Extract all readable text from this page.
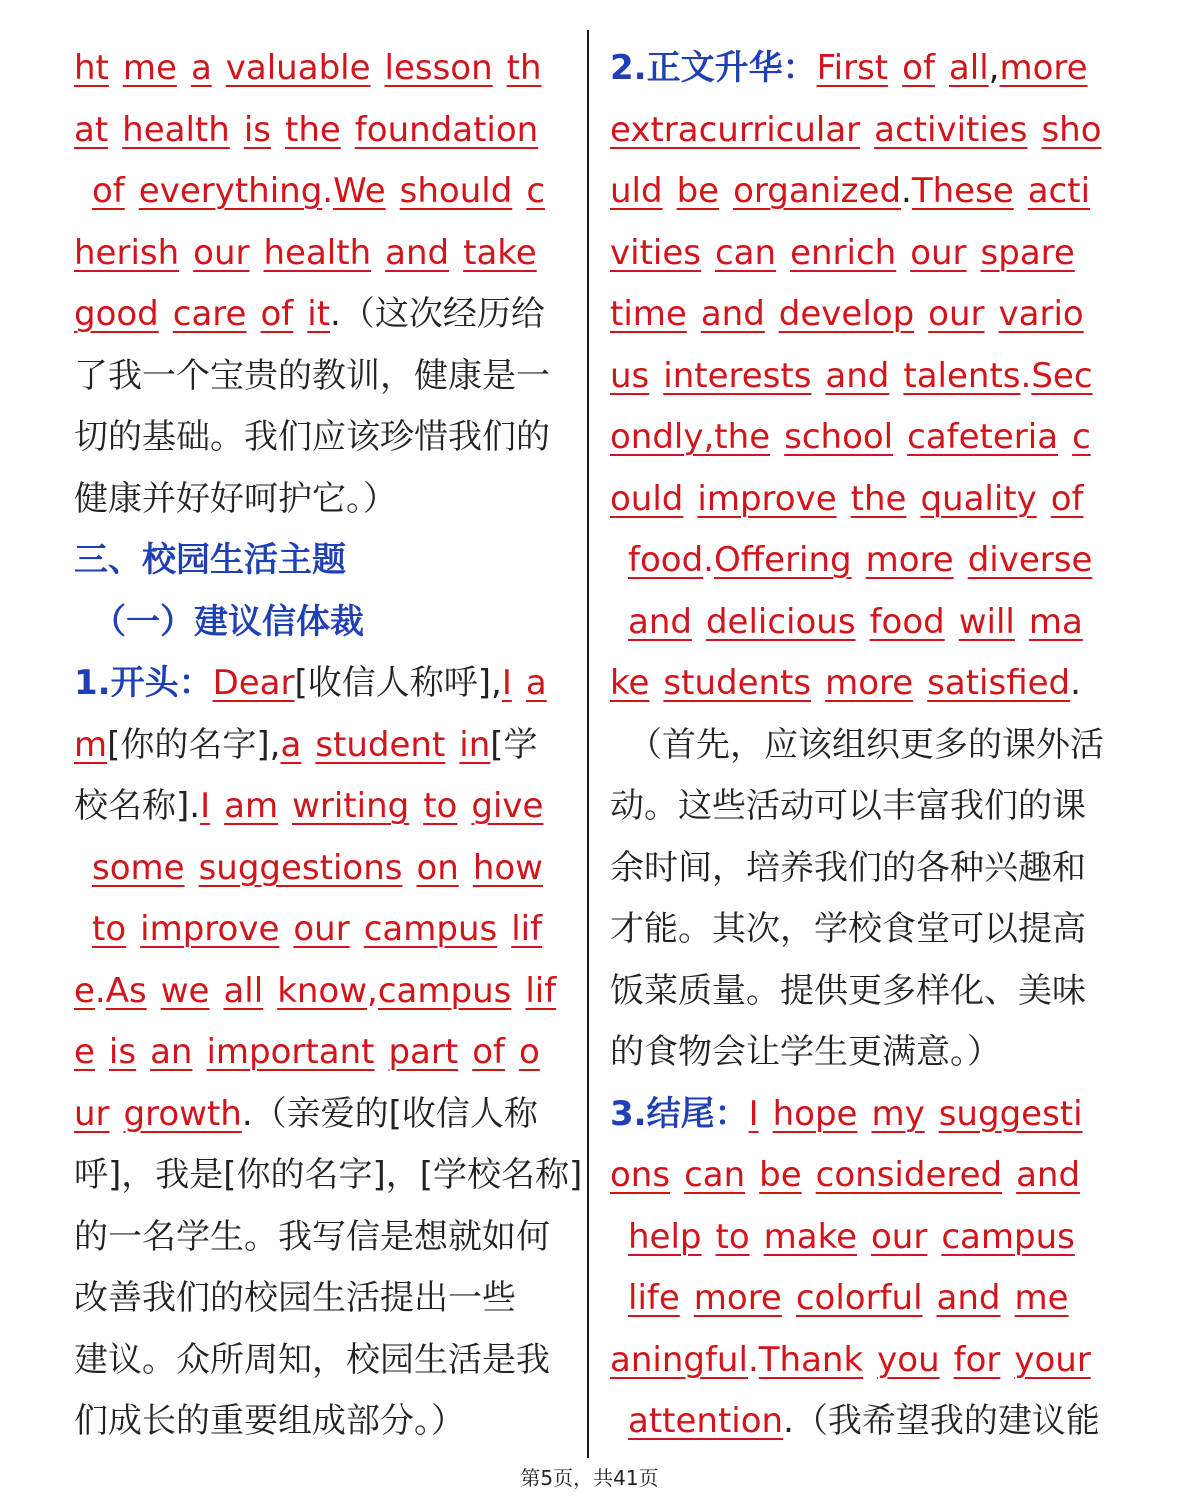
ht me a valuable lesson th
at health is the foundation
of everything.We should c
herish our health and take
good care of it.（这次经历给
了我一个宝贵的教训，健康是一
切的基础。我们应该珍惜我们的
健康并好好呵护它。）
三、校园生活主题
（一）建议信体裁
1.开头：Dear[收信人称呼],I a
m[你的名字],a student in[学
校名称].I am writing to give
some suggestions on how
to improve our campus lif
e.As we all know,campus lif
e is an important part of o
ur growth.（亲爱的[收信人称
呼]，我是[你的名字]，[学校名称]
的一名学生。我写信是想就如何
改善我们的校园生活提出一些
建议。众所周知，校园生活是我
们成长的重要组成部分。）
2.正文升华：First of all,more
extracurricular activities sho
uld be organized.These acti
vities can enrich our spare
time and develop our vario
us interests and talents.Sec
ondly,the school cafeteria c
ould improve the quality of
food.Offering more diverse
and delicious food will ma
ke students more satisfied.
（首先，应该组织更多的课外活
动。这些活动可以丰富我们的课
余时间，培养我们的各种兴趣和
才能。其次，学校食堂可以提高
饭菜质量。提供更多样化、美味
的食物会让学生更满意。）
3.结尾：I hope my suggesti
ons can be considered and
help to make our campus
life more colorful and me
aningful.Thank you for your
attention.（我希望我的建议能
第5页，共41页
